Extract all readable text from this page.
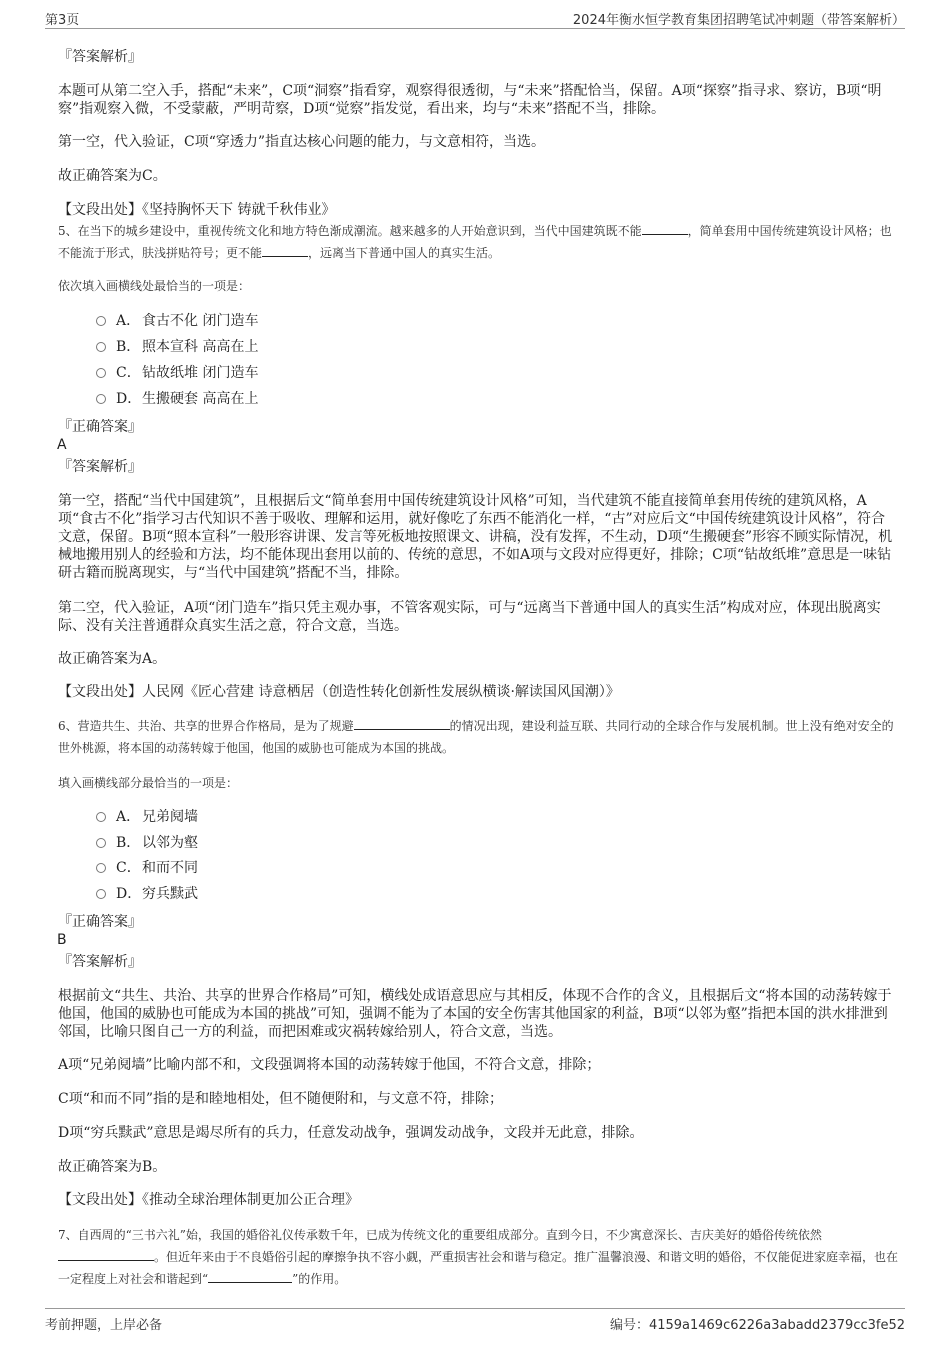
第3页	2024年衡水恒学教育集团招聘笔试冲刺题（带答案解析）
『答案解析』
本题可从第二空入手，搭配“未来”，C项“洞察”指看穿，观察得很透彻，与“未来”搭配恰当，保留。A项“探察”指寻求、察访，B项“明察”指观察入微，不受蒙蔽，严明苛察，D项“觉察”指发觉，看出来，均与“未来”搭配不当，排除。
第一空，代入验证，C项“穿透力”指直达核心问题的能力，与文意相符，当选。
故正确答案为C。
【文段出处】《坚持胸怀天下 铸就千秋伟业》
5、在当下的城乡建设中，重视传统文化和地方特色渐成潮流。越来越多的人开始意识到，当代中国建筑既不能	，简单套用中国传统建筑设计风格；也不能流于形式，肤浅拼贴符号；更不能	，远离当下普通中国人的真实生活。
依次填入画横线处最恰当的一项是：
A． 食古不化 闭门造车
B． 照本宣科 高高在上
C．钻故纸堆 闭门造车
D．生搬硬套 高高在上
『正确答案』
A
『答案解析』
第一空，搭配“当代中国建筑”，且根据后文“简单套用中国传统建筑设计风格”可知，当代建筑不能直接简单套用传统的建筑风格，A项“食古不化”指学习古代知识不善于吸收、理解和运用，就好像吃了东西不能消化一样，“古”对应后文“中国传统建筑设计风格”，符合文意，保留。B项“照本宣科”一般形容讲课、发言等死板地按照课文、讲稿，没有发挥，不生动，D项“生搬硬套”形容不顾实际情况，机械地搬用别人的经验和方法，均不能体现出套用以前的、传统的意思，不如A项与文段对应得更好，排除；C项“钻故纸堆”意思是一味钻研古籍而脱离现实，与“当代中国建筑”搭配不当，排除。
第二空，代入验证，A项“闭门造车”指只凭主观办事，不管客观实际，可与“远离当下普通中国人的真实生活”构成对应，体现出脱离实际、没有关注普通群众真实生活之意，符合文意，当选。
故正确答案为A。
【文段出处】人民网《匠心营建 诗意栖居（创造性转化创新性发展纵横谈·解读国风国潮）》
6、营造共生、共治、共享的世界合作格局，是为了规避	的情况出现，建设利益互联、共同行动的全球合作与发展机制。世上没有绝对安全的世外桃源，将本国的动荡转嫁于他国，他国的威胁也可能成为本国的挑战。
填入画横线部分最恰当的一项是：
A． 兄弟阋墙
B． 以邻为壑
C．和而不同
D．穷兵黩武
『正确答案』
B
『答案解析』
根据前文“共生、共治、共享的世界合作格局”可知，横线处成语意思应与其相反，体现不合作的含义，且根据后文“将本国的动荡转嫁于他国，他国的威胁也可能成为本国的挑战”可知，强调不能为了本国的安全伤害其他国家的利益，B项“以邻为壑”指把本国的洪水排泄到邻国，比喻只图自己一方的利益，而把困难或灾祸转嫁给别人，符合文意，当选。
A项“兄弟阋墙”比喻内部不和，文段强调将本国的动荡转嫁于他国，不符合文意，排除；
C项“和而不同”指的是和睦地相处，但不随便附和，与文意不符，排除；
D项“穷兵黩武”意思是竭尽所有的兵力，任意发动战争，强调发动战争，文段并无此意，排除。
故正确答案为B。
【文段出处】《推动全球治理体制更加公正合理》
7、自西周的“三书六礼”始，我国的婚俗礼仪传承数千年，已成为传统文化的重要组成部分。直到今日，不少寓意深长、吉庆美好的婚俗传统依然。但近年来由于不良婚俗引起的摩擦争执不容小觑，严重损害社会和谐与稳定。推广温馨浪漫、和谐文明的婚俗，不仅能促进家庭幸福，也在一定程度上对社会和谐起到“	”的作用。
考前押题，上岸必备	编号：4159a1469c6226a3abadd2379cc3fe52
